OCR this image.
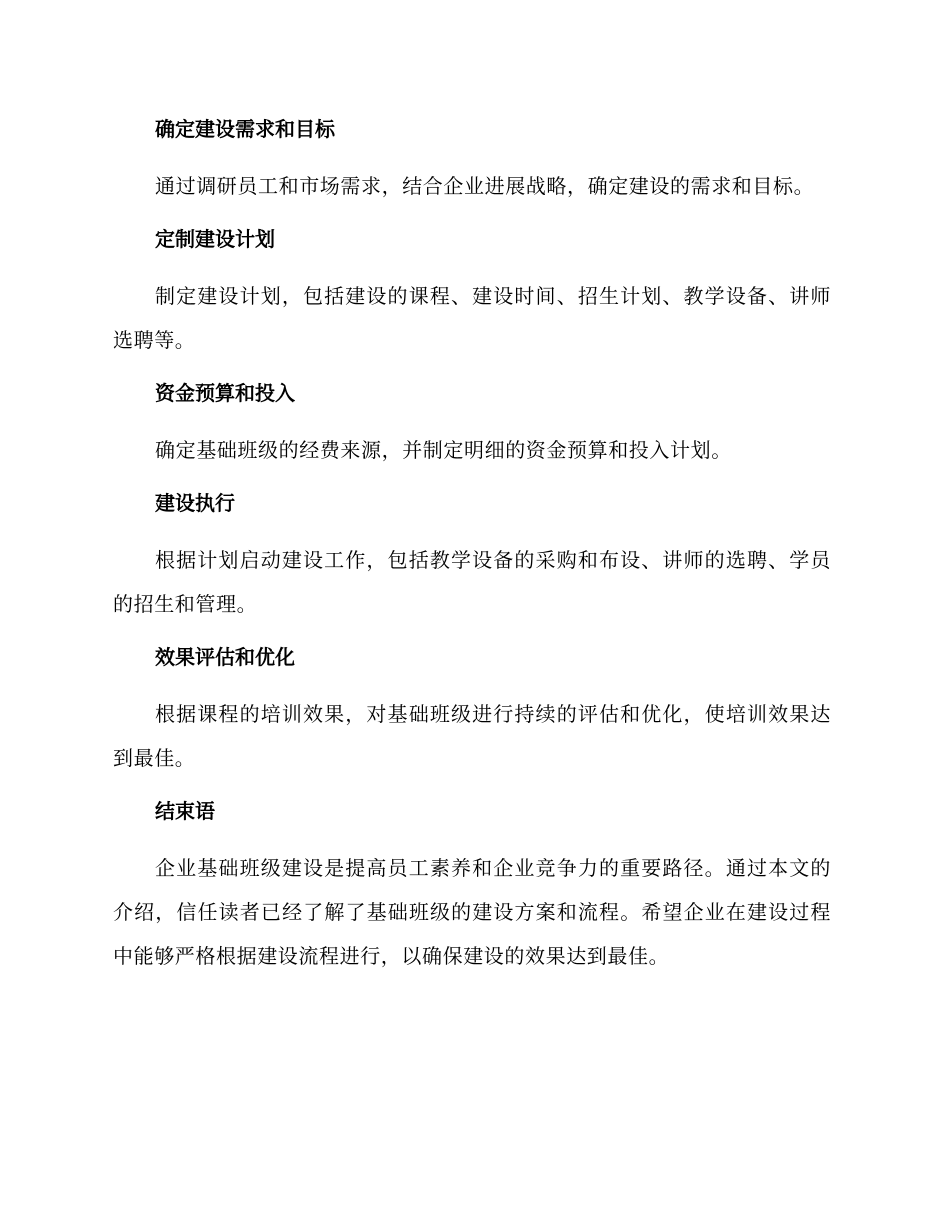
确定建设需求和目标

通过调研员工和市场需求，结合企业进展战略，确定建设的需求和目标。

定制建设计划

制定建设计划，包括建设的课程、建设时间、招生计划、教学设备、讲师选聘等。

资金预算和投入

确定基础班级的经费来源，并制定明细的资金预算和投入计划。

建设执行

根据计划启动建设工作，包括教学设备的采购和布设、讲师的选聘、学员的招生和管理。

效果评估和优化

根据课程的培训效果，对基础班级进行持续的评估和优化，使培训效果达到最佳。

结束语

企业基础班级建设是提高员工素养和企业竞争力的重要路径。通过本文的介绍，信任读者已经了解了基础班级的建设方案和流程。希望企业在建设过程中能够严格根据建设流程进行，以确保建设的效果达到最佳。
